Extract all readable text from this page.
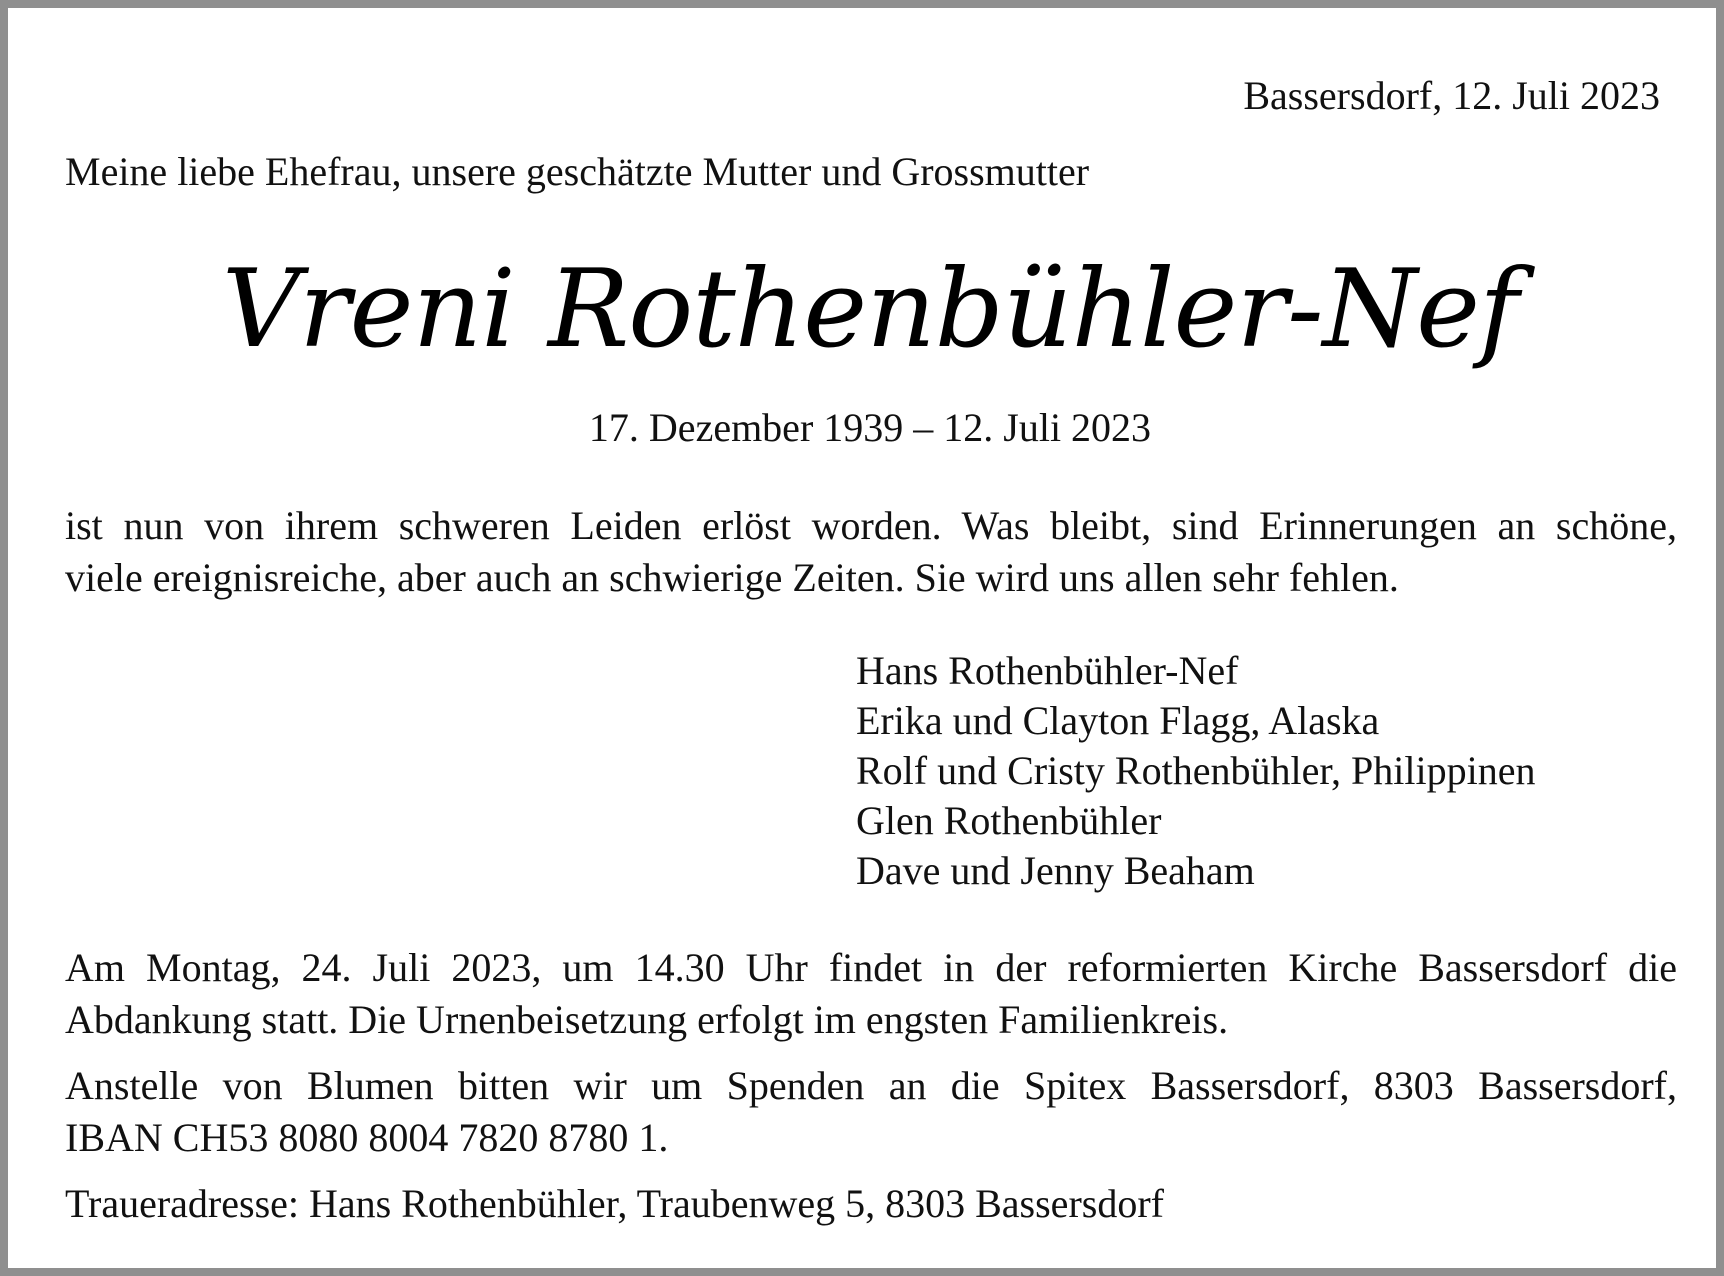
Bassersdorf, 12. Juli 2023
Meine liebe Ehefrau, unsere geschätzte Mutter und Grossmutter
Vreni Rothenbühler-Nef
17. Dezember 1939 – 12. Juli 2023
ist nun von ihrem schweren Leiden erlöst worden. Was bleibt, sind Erinnerungen an schöne,
viele ereignisreiche, aber auch an schwierige Zeiten. Sie wird uns allen sehr fehlen.
Hans Rothenbühler-Nef
Erika und Clayton Flagg, Alaska
Rolf und Cristy Rothenbühler, Philippinen
Glen Rothenbühler
Dave und Jenny Beaham
Am Montag, 24. Juli 2023, um 14.30 Uhr findet in der reformierten Kirche Bassersdorf die
Abdankung statt. Die Urnenbeisetzung erfolgt im engsten Familienkreis.
Anstelle von Blumen bitten wir um Spenden an die Spitex Bassersdorf, 8303 Bassersdorf,
IBAN CH53 8080 8004 7820 8780 1.
Traueradresse: Hans Rothenbühler, Traubenweg 5, 8303 Bassersdorf
